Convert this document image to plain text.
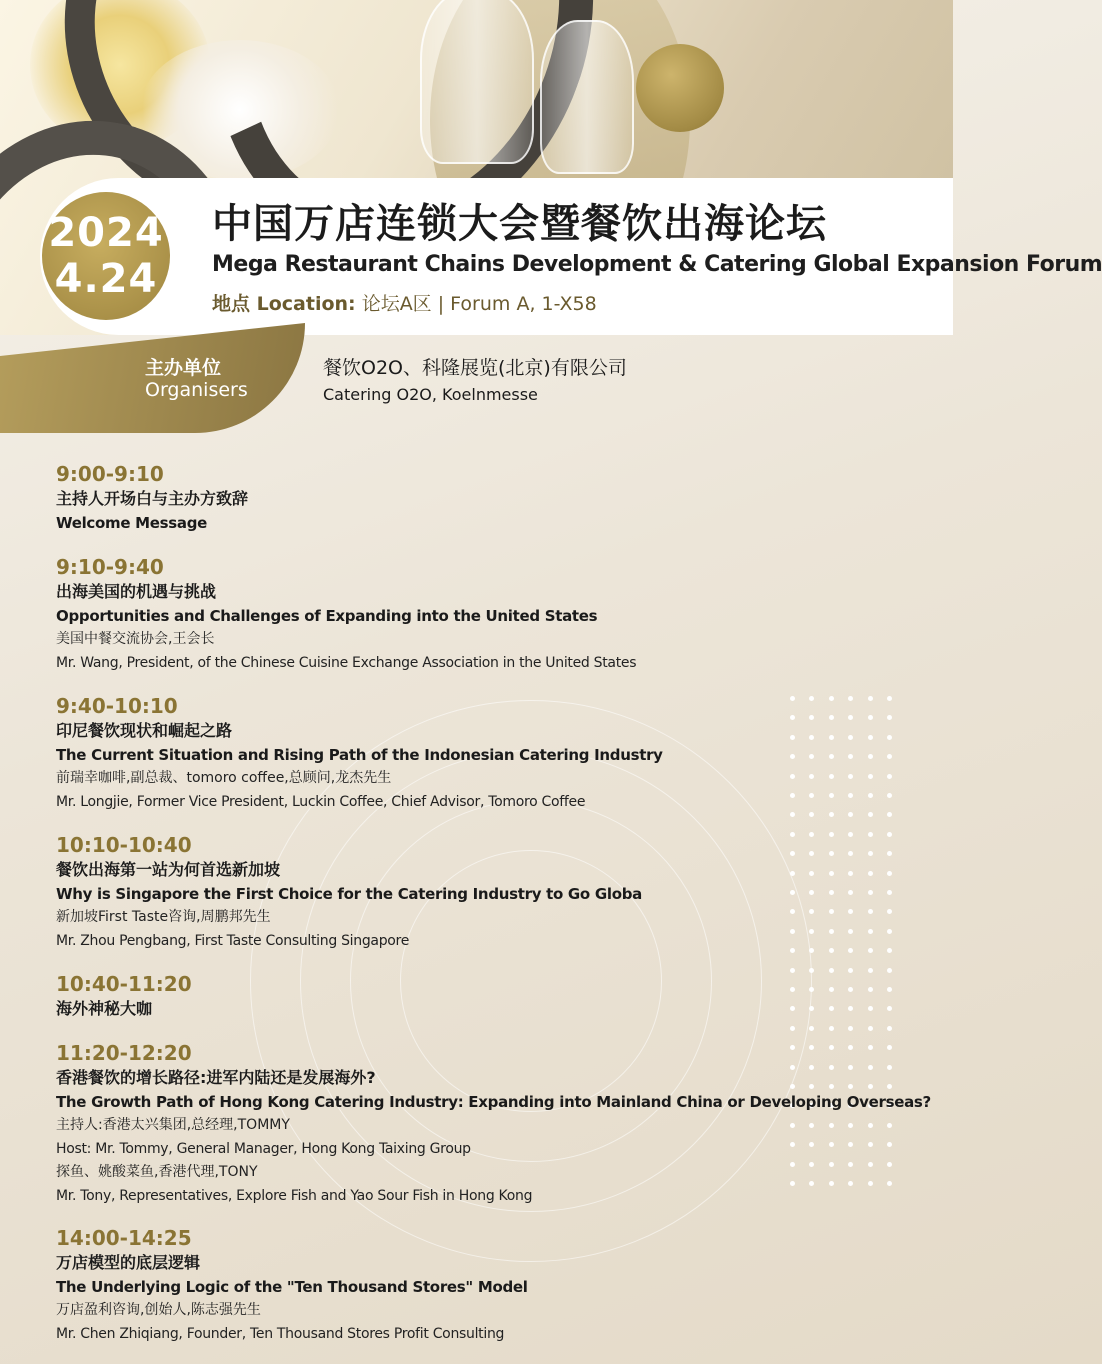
2024
4.24
中国万店连锁大会暨餐饮出海论坛
Mega Restaurant Chains Development & Catering Global Expansion Forum
地点 Location: 论坛A区 | Forum A, 1-X58
主办单位
Organisers
餐饮O2O、科隆展览(北京)有限公司
Catering O2O, Koelnmesse
9:00-9:10
主持人开场白与主办方致辞
Welcome Message
9:10-9:40
出海美国的机遇与挑战
Opportunities and Challenges of Expanding into the United States
美国中餐交流协会,王会长
Mr. Wang, President, of the Chinese Cuisine Exchange Association in the United States
9:40-10:10
印尼餐饮现状和崛起之路
The Current Situation and Rising Path of the Indonesian Catering Industry
前瑞幸咖啡,副总裁、tomoro coffee,总顾问,龙杰先生
Mr. Longjie, Former Vice President, Luckin Coffee, Chief Advisor, Tomoro Coffee
10:10-10:40
餐饮出海第一站为何首选新加坡
Why is Singapore the First Choice for the Catering Industry to Go Globa
新加坡First Taste咨询,周鹏邦先生
Mr. Zhou Pengbang, First Taste Consulting Singapore
10:40-11:20
海外神秘大咖
11:20-12:20
香港餐饮的增长路径:进军内陆还是发展海外?
The Growth Path of Hong Kong Catering Industry: Expanding into Mainland China or Developing Overseas?
主持人:香港太兴集团,总经理,TOMMY
Host: Mr. Tommy, General Manager, Hong Kong Taixing Group
探鱼、姚酸菜鱼,香港代理,TONY
Mr. Tony, Representatives, Explore Fish and Yao Sour Fish in Hong Kong
14:00-14:25
万店模型的底层逻辑
The Underlying Logic of the "Ten Thousand Stores" Model
万店盈利咨询,创始人,陈志强先生
Mr. Chen Zhiqiang, Founder, Ten Thousand Stores Profit Consulting
